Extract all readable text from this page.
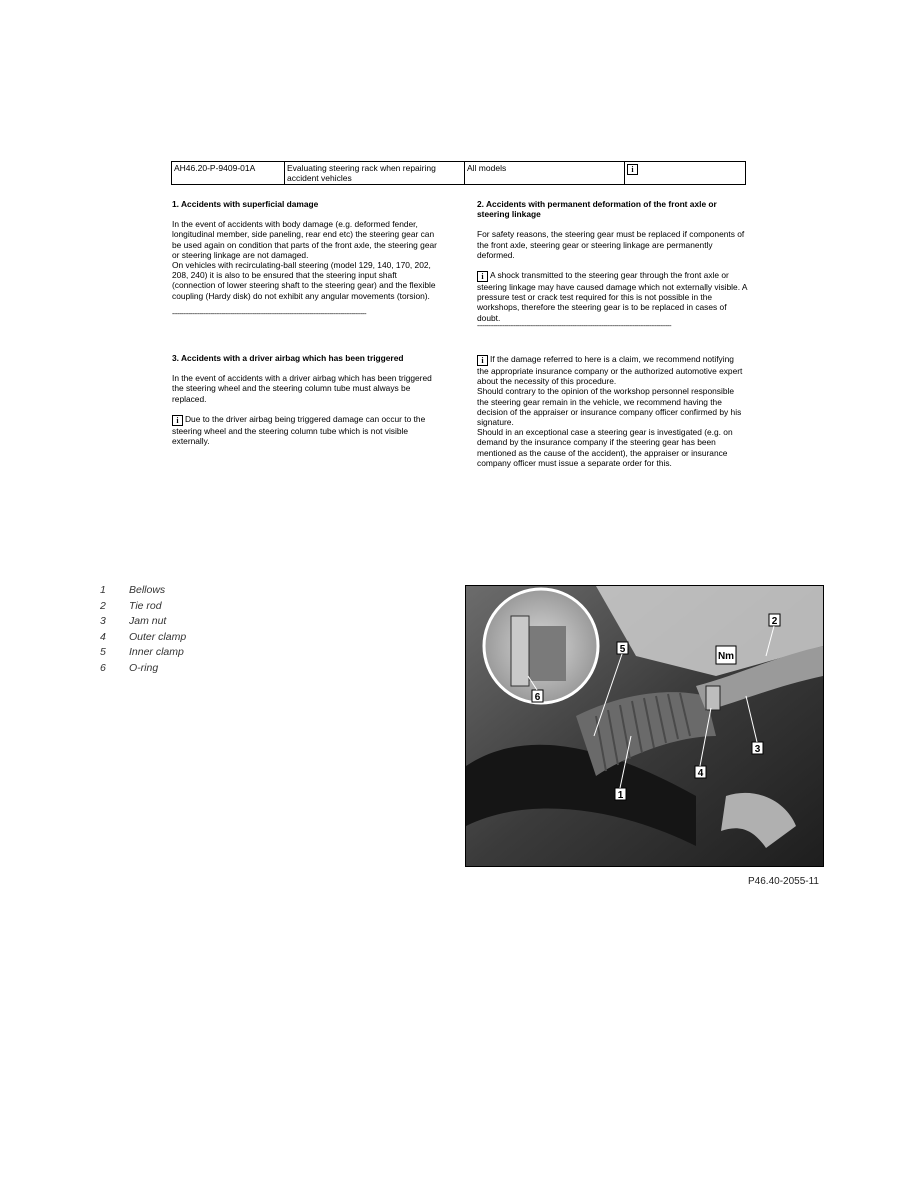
AH46.20-P-9409-01A	Evaluating steering rack when repairing accident vehicles	All models	i

1. Accidents with superficial damage

In the event of accidents with body damage (e.g. deformed fender, longitudinal member, side paneling, rear end etc) the steering gear can be used again on condition that parts of the front axle, the steering gear or steering linkage are not damaged.

On vehicles with recirculating-ball steering (model 129, 140, 170, 202, 208, 240) it is also to be ensured that the steering input shaft (connection of lower steering shaft to the steering gear) and the flexible coupling (Hardy disk) do not exhibit any angular movements (torsion).

----------------------------------------------------------------------------------------------------------

2. Accidents with permanent deformation of the front axle or steering linkage

For safety reasons, the steering gear must be replaced if components of the front axle, steering gear or steering linkage are permanently deformed.

i A shock transmitted to the steering gear through the front axle or steering linkage may have caused damage which not externally visible. A pressure test or crack test required for this is not possible in the workshops, therefore the steering gear is to be replaced in cases of doubt.

----------------------------------------------------------------------------------------------------------

3. Accidents with a driver airbag which has been triggered

In the event of accidents with a driver airbag which has been triggered the steering wheel and the steering column tube must always be replaced.

i Due to the driver airbag being triggered damage can occur to the steering wheel and the steering column tube which is not visible externally.

i If the damage referred to here is a claim, we recommend notifying the appropriate insurance company or the authorized automotive expert about the necessity of this procedure.

Should contrary to the opinion of the workshop personnel responsible the steering gear remain in the vehicle, we recommend having the decision of the appraiser or insurance company officer confirmed by his signature.

Should in an exceptional case a steering gear is investigated (e.g. on demand by the insurance company if the steering gear has been mentioned as the cause of the accident), the appraiser or insurance company officer must issue a separate order for this.

1	Bellows
2	Tie rod
3	Jam nut
4	Outer clamp
5	Inner clamp
6	O-ring
Nm
1
2
3
4
5
6
P46.40-2055-11
